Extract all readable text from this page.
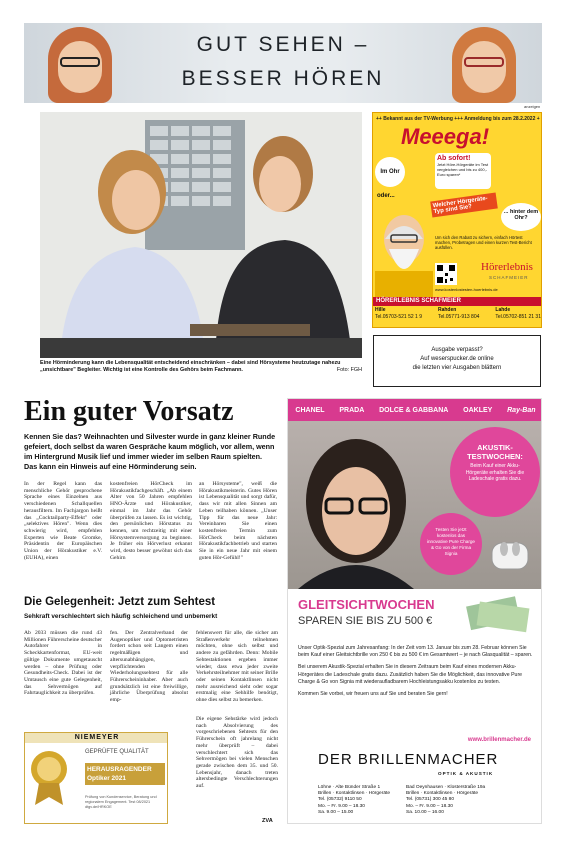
GUT SEHEN –
BESSER HÖREN
anzeigen
Eine Hörminderung kann die Lebensqualität entscheidend einschränken – dabei sind Hörsysteme heutzutage nahezu „unsichtbare" Begleiter. Wichtig ist eine Kontrolle des Gehörs beim Fachmann.	Foto: FGH
++ Bekannt aus der TV-Werbung +++ Anmeldung bis zum 28.2.2022 +
Meeega!
Im Ohr
oder...
Ab sofort!
Jetzt Höre-Hörgeräte im Test vergleichen und bis zu 400,- Euro sparen*
Welcher Hörgeräte-Typ sind Sie?	... hinter dem Ohr?
Um sich den Rabatt zu sichern, einfach Hörtest machen, Probetragen und einen kurzen Test-Bericht ausfüllen.
www.kostenlostesten-hoerlebnis.de
Hörerlebnis
SCHAFMEIER
HÖRERLEBNIS SCHAFMEIER
Hille
Tel.05703-521 52 1 9
Rahden
Tel.05771-913 804
Lahde
Tel.05702-851 21 31
Ausgabe verpasst?
Auf weserspucker.de online
die letzten vier Ausgaben blättern
Ein guter Vorsatz
Kennen Sie das? Weihnachten und Silvester wurde in ganz kleiner Runde gefeiert, doch selbst da waren Gespräche kaum möglich, vor allem, wenn im Hintergrund Musik lief und immer wieder im selben Raum spielten. Das kann ein Hinweis auf eine Hörminderung sein.
In der Regel kann das menschliche Gehör gesprochene Sprache eines Einzelnen aus verschiedenen Schallquellen herausfiltern. Im Fachjargon heißt das „Cocktailparty-Effekt" oder „selektives Hören". Wenn dies schwierig wird, empfehlen Experten wie Beate Gromke, Präsidentin der Europäischen Union der Hörakustiker e.V. (EUHA), einen
kostenfreien HörCheck im Hörakustikfachgeschäft. „Ab einem Alter von 50 Jahren empfehlen HNO-Ärzte und Hörakustiker, einmal im Jahr das Gehör überprüfen zu lassen. Es ist wichtig, den persönlichen Hörstatus zu kennen, um rechtzeitig mit einer Hörsystemversorgung zu beginnen. Je früher ein Hörverlust erkannt wird, desto besser gewöhnt sich das Gehirn
an Hörsysteme", weiß die Hörakustikmeisterin. Gutes Hören ist Lebensqualität und sorgt dafür, dass wir mit allen Sinnen am Leben teilhaben können. „Unser Tipp für das neue Jahr: Vereinbaren Sie einen kostenfreien Termin zum HörCheck beim nächsten Hörakustikfachbetrieb und starten Sie in ein neue Jahr mit einem guten Hör-Gefühl!"
Die Gelegenheit: Jetzt zum Sehtest
Sehkraft verschlechtert sich häufig schleichend und unbemerkt
Ab 2033 müssen die rund 43 Millionen Führerscheine deutscher Autofahrer in Scheckkartenformat, EU-weit gültige Dokumente umgetauscht werden – ohne Prüfung oder Gesundheits-Check. Dabei ist der Umtausch eine gute Gelegenheit, das Sehvermögen auf Fahrtauglichkeit zu überprüfen.
fen. Der Zentralverband der Augenoptiker und Optometristen fordert schon seit Langem einen regelmäßigen und altersunabhängigen, verpflichtenden Wiederholungssehtest für alle Führerscheininhaber. Aber auch grundsätzlich ist eine freiwillige, jährliche Überprüfung absolut emp-
fehlenswert für alle, die sicher am Straßenverkehr teilnehmen möchten, ohne sich selbst und andere zu gefährden. Denn: Mobile Sehtestaktionen ergeben immer wieder, dass etwa jeder zweite Verkehrsteilnehmer mit seiner Brille oder seinen Kontaktlinsen nicht mehr ausreichend sieht oder sogar erstmalig eine Sehhilfe benötigt, ohne dies selbst zu bemerken.
Die eigene Sehstärke wird jedoch nach Absolvierung des vorgeschriebenen Sehtests für den Führerschein oft jahrelang nicht mehr überprüft – dabei verschlechtert sich das Sehvermögen bei vielen Menschen gerade zwischen dem 35. und 50. Lebensjahr, danach treten altersbedingte Verschlechterungen auf.
ZVA
NIEMEYER
GEPRÜFTE QUALITÄT
HERAUSRAGENDER
Optiker 2021
Prüfung von Kundenservice, Beratung und regionalem Engagement. Test 08/2021 dtgv.de/HRKOE
CHANEL PRADA DOLCE & GABBANA OAKLEY Ray-Ban
AKUSTIK-TESTWOCHEN:
Beim Kauf einer Akku-Hörgeräte erhalten Sie die Ladeschale gratis dazu.
Testen Sie jetzt kostenlos das innovative Pure Charge & Go von der Firma Signia
GLEITSICHTWOCHEN
SPAREN SIE BIS ZU 500 €

Unser Optik-Spezial zum Jahresanfang: In der Zeit vom 13. Januar bis zum 28. Februar können Sie beim Kauf einer Gleitsichtbrille von 250 € bis zu 500 € im Gesamtwert – je nach Glasqualität – sparen.

Bei unserem Akustik-Spezial erhalten Sie in diesem Zeitraum beim Kauf eines modernen Akku-Hörgerätes die Ladeschale gratis dazu. Zusätzlich haben Sie die Möglichkeit, das innovative Pure Charge & Go von Signia mit wiederaufladbarem Hochleistungsakku kostenlos zu testen.

Kommen Sie vorbei, wir freuen uns auf Sie und beraten Sie gern!

www.brillenmacher.de
DER BRILLENMACHER
OPTIK & AKUSTIK
Löhne · Alte Bünder Straße 1
Brillen · Kontaktlinsen · Hörgeräte
Tel. (05732) 9110 50
Mo. – Fr. 9.00 – 18.30
Sa. 9.00 – 15.00
Bad Oeynhausen · Klosterstraße 19a
Brillen · Kontaktlinsen · Hörgeräte
Tel. (05731) 300 45 80
Mo. – Fr. 9.00 – 18.30
Sa. 10.00 – 16.00
